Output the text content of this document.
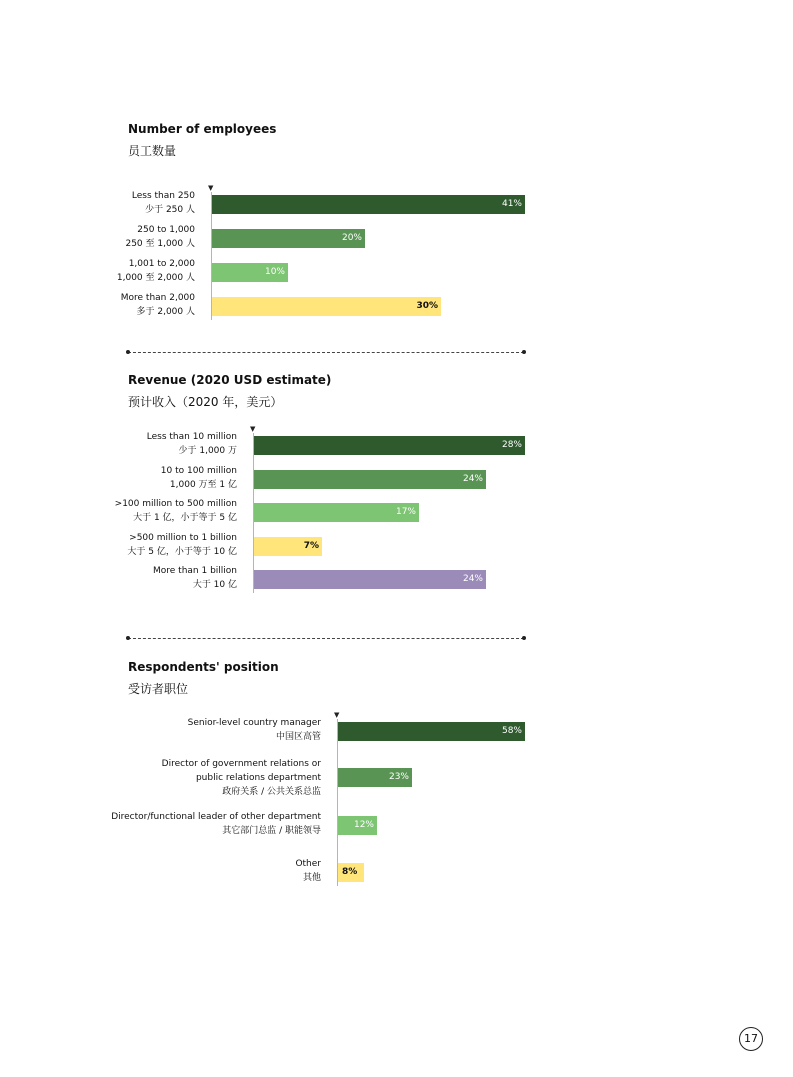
Number of employees
员工数量
▼
41%
Less than 250
少于 250 人
20%
250 to 1,000
250 至 1,000 人
10%
1,001 to 2,000
1,000 至 2,000 人
30%
More than 2,000
多于 2,000 人
Revenue (2020 USD estimate)
预计收入（2020 年，美元）
▼
28%
Less than 10 million
少于 1,000 万
24%
10 to 100 million
1,000 万至 1 亿
17%
>100 million to 500 million
大于 1 亿，小于等于 5 亿
7%
>500 million to 1 billion
大于 5 亿，小于等于 10 亿
24%
More than 1 billion
大于 10 亿
Respondents' position
受访者职位
▼
58%
Senior-level country manager
中国区高管
23%
Director of government relations or public relations department
政府关系 / 公共关系总监
12%
Director/functional leader of other department
其它部门总监 / 职能领导
8%
Other
其他
17
